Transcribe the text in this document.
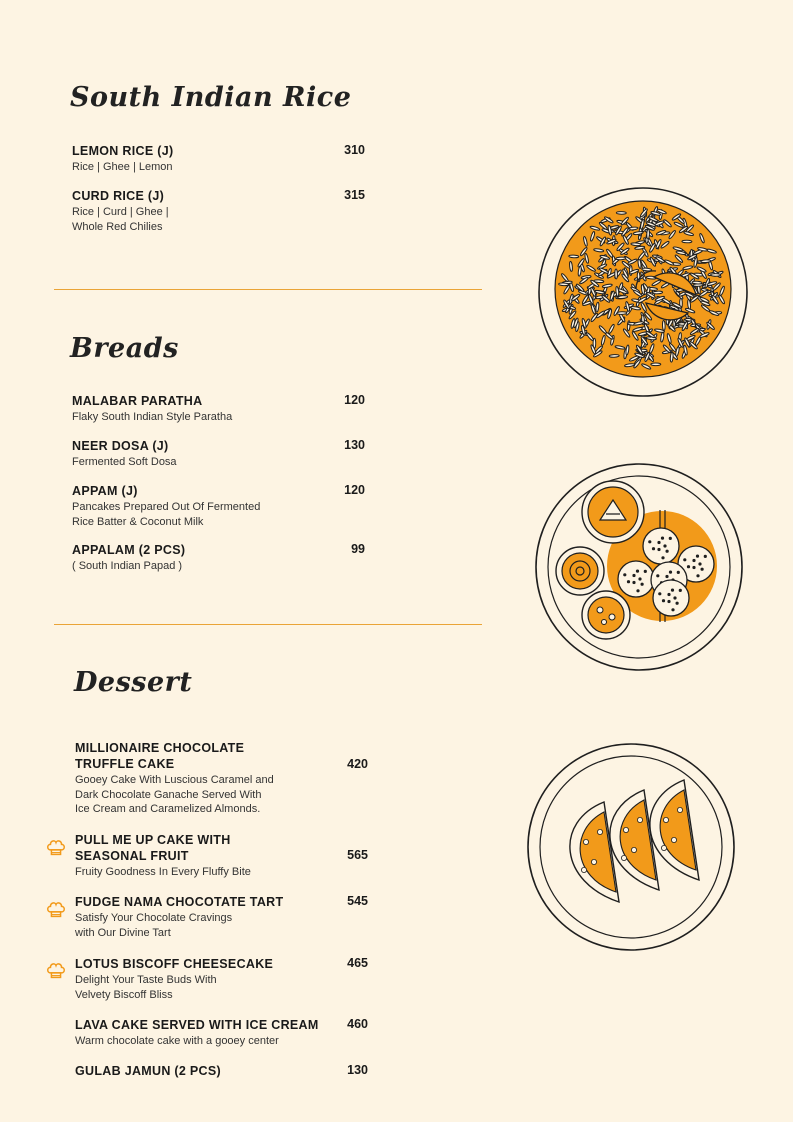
South Indian Rice
LEMON RICE (J)
Rice | Ghee | Lemon
310
CURD RICE (J)
Rice | Curd | Ghee |
Whole Red Chilies
315
Breads
MALABAR PARATHA
Flaky South Indian Style Paratha
120
NEER DOSA (J)
Fermented Soft Dosa
130
APPAM (J)
Pancakes Prepared Out Of Fermented
Rice Batter & Coconut Milk
120
APPALAM (2 PCS)
( South Indian Papad )
99
Dessert
MILLIONAIRE CHOCOLATE
TRUFFLE CAKE
Gooey Cake With Luscious Caramel and
Dark Chocolate Ganache Served With
Ice Cream and Caramelized Almonds.
420
PULL ME UP CAKE WITH
SEASONAL FRUIT
Fruity Goodness In Every Fluffy Bite
565
FUDGE NAMA CHOCOTATE TART
Satisfy Your Chocolate Cravings
with Our Divine Tart
545
LOTUS BISCOFF CHEESECAKE
Delight Your Taste Buds With
Velvety Biscoff Bliss
465
LAVA CAKE SERVED WITH ICE CREAM
Warm chocolate cake with a gooey center
460
GULAB JAMUN (2 PCS)	130
